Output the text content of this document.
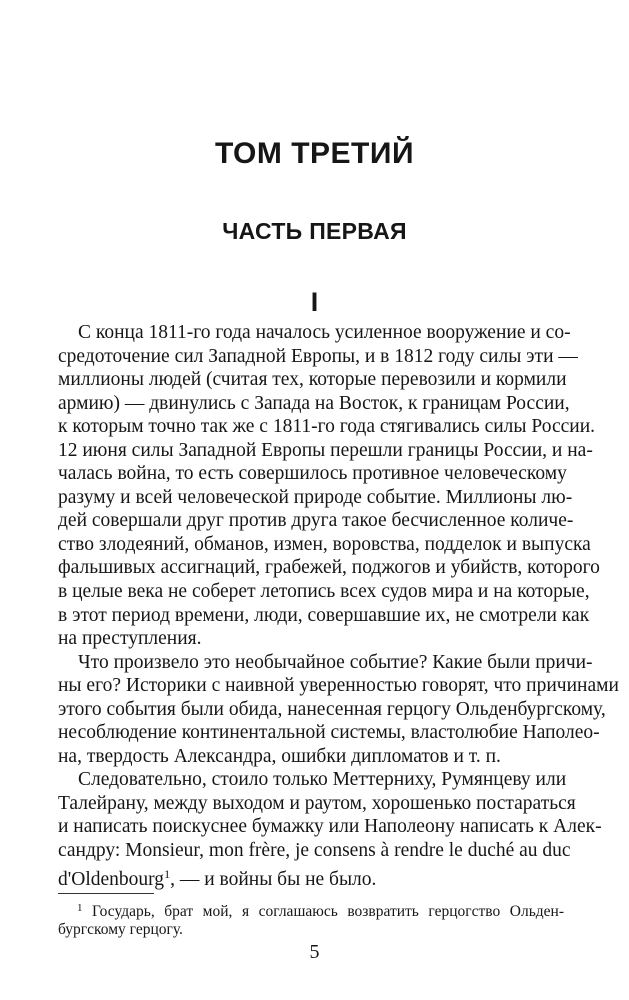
ТОМ ТРЕТИЙ
ЧАСТЬ ПЕРВАЯ
I
С конца 1811-го года началось усиленное вооружение и со-
средоточение сил Западной Европы, и в 1812 году силы эти —
миллионы людей (считая тех, которые перевозили и кормили
армию) — двинулись с Запада на Восток, к границам России,
к которым точно так же с 1811-го года стягивались силы России.
12 июня силы Западной Европы перешли границы России, и на-
чалась война, то есть совершилось противное человеческому
разуму и всей человеческой природе событие. Миллионы лю-
дей совершали друг против друга такое бесчисленное количе-
ство злодеяний, обманов, измен, воровства, подделок и выпуска
фальшивых ассигнаций, грабежей, поджогов и убийств, которого
в целые века не соберет летопись всех судов мира и на которые,
в этот период времени, люди, совершавшие их, не смотрели как
на преступления.
Что произвело это необычайное событие? Какие были причи-
ны его? Историки с наивной уверенностью говорят, что причинами
этого события были обида, нанесенная герцогу Ольденбургскому,
несоблюдение континентальной системы, властолюбие Наполео-
на, твердость Александра, ошибки дипломатов и т. п.
Следовательно, стоило только Меттерниху, Румянцеву или
Талейрану, между выходом и раутом, хорошенько постараться
и написать поискуснее бумажку или Наполеону написать к Алек-
сандру: Monsieur, mon frère, je consens à rendre le duché au duc
d'Oldenbourg$^1$, — и войны бы не было.
$^1$ Государь, брат мой, я соглашаюсь возвратить герцогство Ольден-
бургскому герцогу.
5
